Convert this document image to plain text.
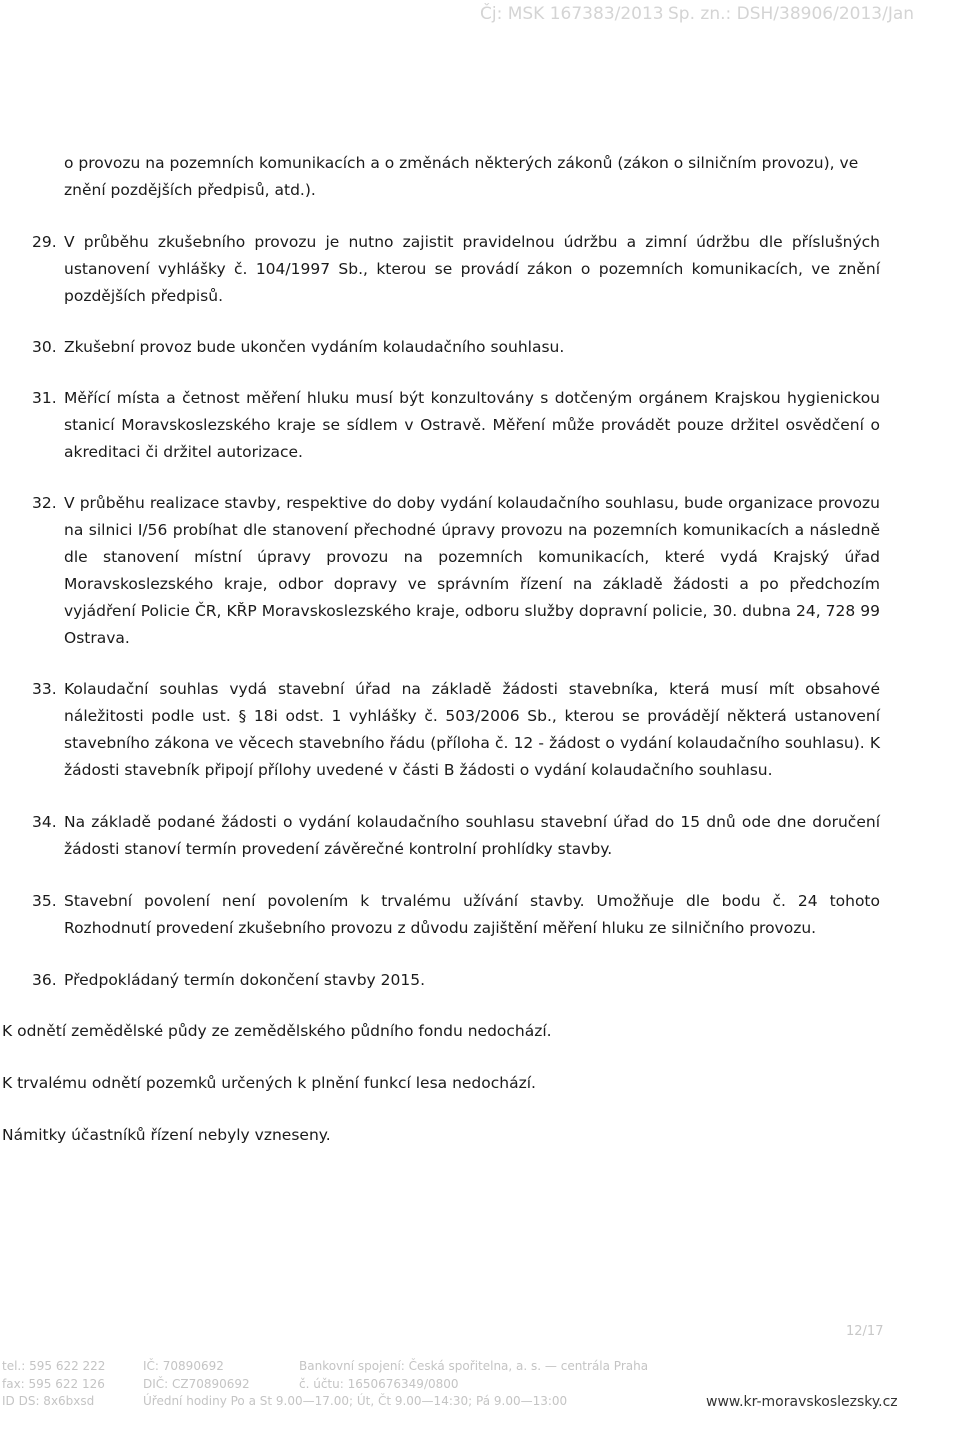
Čj: MSK 167383/2013 Sp. zn.: DSH/38906/2013/Jan
o provozu na pozemních komunikacích a o změnách některých zákonů (zákon o silničním provozu), ve
znění pozdějších předpisů, atd.).
29. V průběhu zkušebního provozu je nutno zajistit pravidelnou údržbu a zimní údržbu dle příslušných ustanovení vyhlášky č. 104/1997 Sb., kterou se provádí zákon o pozemních komunikacích, ve znění pozdějších předpisů.
30. Zkušební provoz bude ukončen vydáním kolaudačního souhlasu.
31. Měřící místa a četnost měření hluku musí být konzultovány s dotčeným orgánem Krajskou hygienickou stanicí Moravskoslezského kraje se sídlem v Ostravě. Měření může provádět pouze držitel osvědčení o akreditaci či držitel autorizace.
32. V průběhu realizace stavby, respektive do doby vydání kolaudačního souhlasu, bude organizace provozu na silnici I/56 probíhat dle stanovení přechodné úpravy provozu na pozemních komunikacích a následně dle stanovení místní úpravy provozu na pozemních komunikacích, které vydá Krajský úřad Moravskoslezského kraje, odbor dopravy ve správním řízení na základě žádosti a po předchozím vyjádření Policie ČR, KŘP Moravskoslezského kraje, odboru služby dopravní policie, 30. dubna 24, 728 99 Ostrava.
33. Kolaudační souhlas vydá stavební úřad na základě žádosti stavebníka, která musí mít obsahové náležitosti podle ust. § 18i odst. 1 vyhlášky č. 503/2006 Sb., kterou se provádějí některá ustanovení stavebního zákona ve věcech stavebního řádu (příloha č. 12 - žádost o vydání kolaudačního souhlasu). K žádosti stavebník připojí přílohy uvedené v části B žádosti o vydání kolaudačního souhlasu.
34. Na základě podané žádosti o vydání kolaudačního souhlasu stavební úřad do 15 dnů ode dne doručení žádosti stanoví termín provedení závěrečné kontrolní prohlídky stavby.
35. Stavební povolení není povolením k trvalému užívání stavby. Umožňuje dle bodu č. 24 tohoto Rozhodnutí provedení zkušebního provozu z důvodu zajištění měření hluku ze silničního provozu.
36. Předpokládaný termín dokončení stavby 2015.
K odnětí zemědělské půdy ze zemědělského půdního fondu nedochází.
K trvalému odnětí pozemků určených k plnění funkcí lesa nedochází.
Námitky účastníků řízení nebyly vzneseny.
12/17
tel.: 595 622 222
fax: 595 622 126
ID DS: 8x6bxsd
IČ: 70890692
DIČ: CZ70890692
Úřední hodiny Po a St 9.00—17.00; Út, Čt 9.00—14:30; Pá 9.00—13:00
Bankovní spojení: Česká spořitelna, a. s. — centrála Praha
č. účtu: 1650676349/0800
www.kr-moravskoslezsky.cz
